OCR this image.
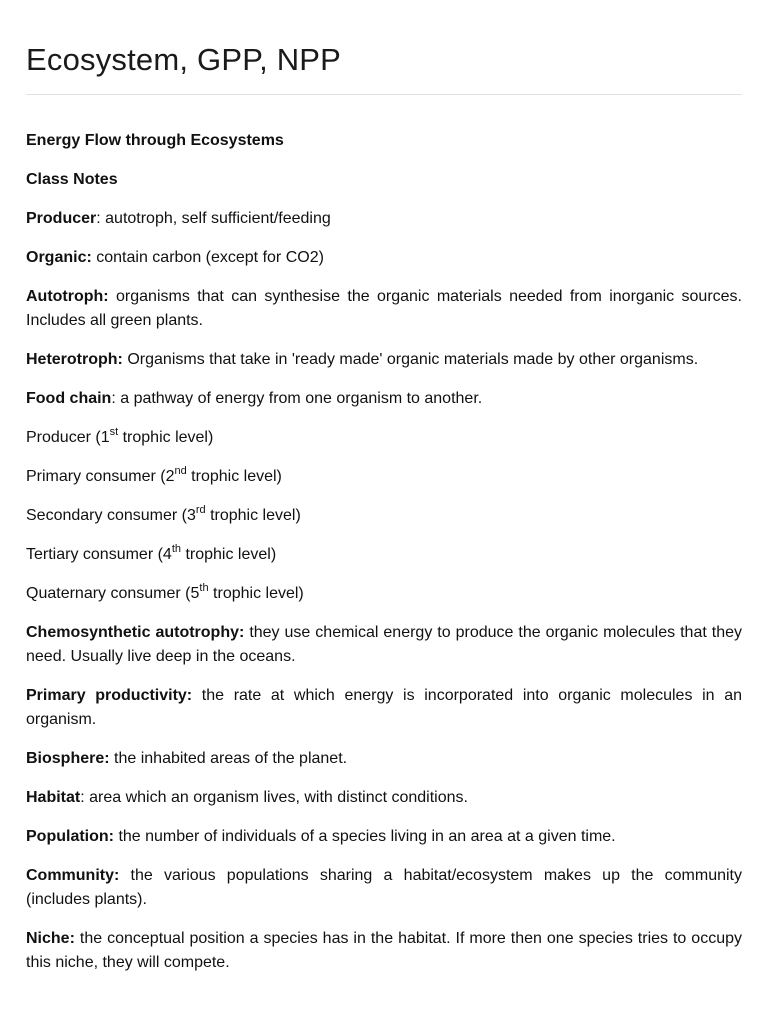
Ecosystem, GPP, NPP

Energy Flow through Ecosystems

Class Notes

Producer: autotroph, self sufficient/feeding

Organic: contain carbon (except for CO2)

Autotroph: organisms that can synthesise the organic materials needed from inorganic sources. Includes all green plants.

Heterotroph: Organisms that take in 'ready made' organic materials made by other organisms.

Food chain: a pathway of energy from one organism to another.

Producer (1st trophic level)

Primary consumer (2nd trophic level)

Secondary consumer (3rd trophic level)

Tertiary consumer (4th trophic level)

Quaternary consumer (5th trophic level)

Chemosynthetic autotrophy: they use chemical energy to produce the organic molecules that they need. Usually live deep in the oceans.

Primary productivity: the rate at which energy is incorporated into organic molecules in an organism.

Biosphere: the inhabited areas of the planet.

Habitat: area which an organism lives, with distinct conditions.

Population: the number of individuals of a species living in an area at a given time.

Community: the various populations sharing a habitat/ecosystem makes up the community (includes plants).

Niche: the conceptual position a species has in the habitat. If more then one species tries to occupy this niche, they will compete.
